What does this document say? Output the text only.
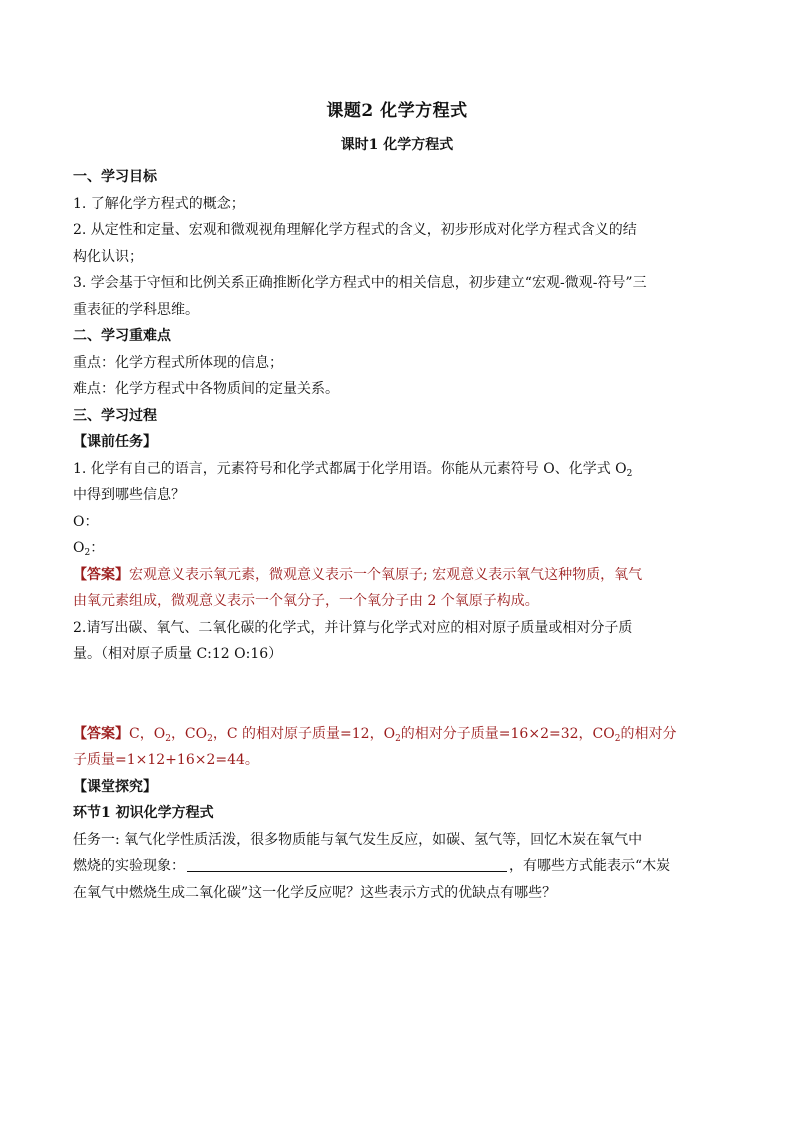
课题2 化学方程式
课时1 化学方程式
一、学习目标
1. 了解化学方程式的概念；
2. 从定性和定量、宏观和微观视角理解化学方程式的含义，初步形成对化学方程式含义的结
构化认识；
3. 学会基于守恒和比例关系正确推断化学方程式中的相关信息，初步建立“宏观-微观-符号”三
重表征的学科思维。
二、学习重难点
重点：化学方程式所体现的信息；
难点：化学方程式中各物质间的定量关系。
三、学习过程
【课前任务】
1. 化学有自己的语言，元素符号和化学式都属于化学用语。你能从元素符号 O、化学式 $O_2$
中得到哪些信息？
O：
$O_2$：
【答案】宏观意义表示氧元素，微观意义表示一个氧原子; 宏观意义表示氧气这种物质，氧气
由氧元素组成，微观意义表示一个氧分子，一个氧分子由 2 个氧原子构成。
2.请写出碳、氧气、二氧化碳的化学式，并计算与化学式对应的相对原子质量或相对分子质
量。（相对原子质量 C:12 O:16）
【答案】C，$O_2$，$CO_2$，C 的相对原子质量=12，$O_2$的相对分子质量=16×2=32，$CO_2$的相对分
子质量=1×12+16×2=44。
【课堂探究】
环节1 初识化学方程式
任务一: 氧气化学性质活泼，很多物质能与氧气发生反应，如碳、氢气等，回忆木炭在氧气中
燃烧的实验现象：	，有哪些方式能表示“木炭
在氧气中燃烧生成二氧化碳”这一化学反应呢？这些表示方式的优缺点有哪些？
